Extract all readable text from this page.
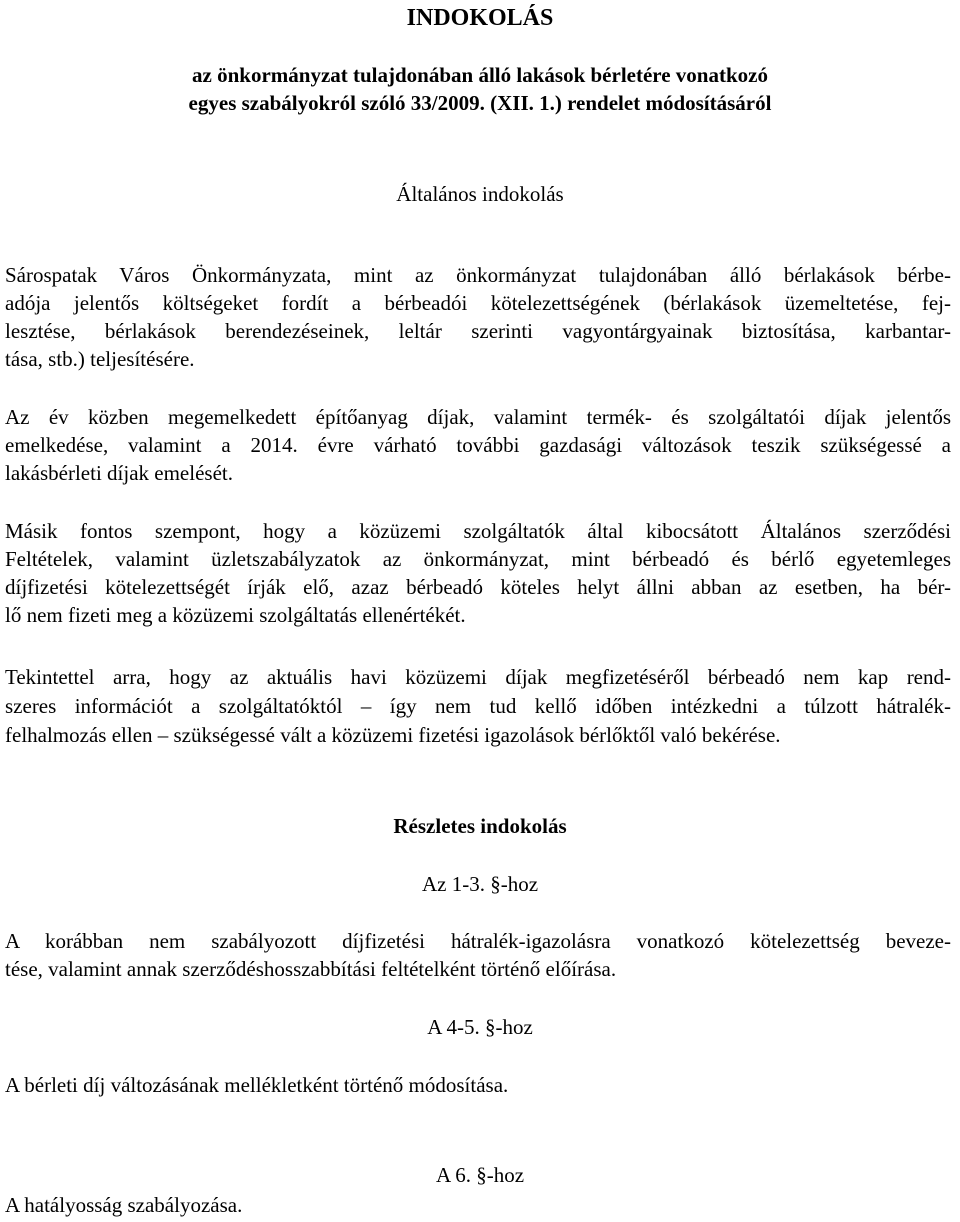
INDOKOLÁS
az önkormányzat tulajdonában álló lakások bérletére vonatkozó
egyes szabályokról szóló 33/2009. (XII. 1.) rendelet módosításáról
Általános indokolás
Sárospatak Város Önkormányzata, mint az önkormányzat tulajdonában álló bérlakások bérbe-
adója jelentős költségeket fordít a bérbeadói kötelezettségének (bérlakások üzemeltetése, fej-
lesztése, bérlakások berendezéseinek, leltár szerinti vagyontárgyainak biztosítása, karbantar-
tása, stb.) teljesítésére.
Az év közben megemelkedett építőanyag díjak, valamint termék- és szolgáltatói díjak jelentős
emelkedése, valamint a 2014. évre várható további gazdasági változások teszik szükségessé a
lakásbérleti díjak emelését.
Másik fontos szempont, hogy a közüzemi szolgáltatók által kibocsátott Általános szerződési
Feltételek, valamint üzletszabályzatok az önkormányzat, mint bérbeadó és bérlő egyetemleges
díjfizetési kötelezettségét írják elő, azaz bérbeadó köteles helyt állni abban az esetben, ha bér-
lő nem fizeti meg a közüzemi szolgáltatás ellenértékét.
Tekintettel arra, hogy az aktuális havi közüzemi díjak megfizetéséről bérbeadó nem kap rend-
szeres információt a szolgáltatóktól – így nem tud kellő időben intézkedni a túlzott hátralék-
felhalmozás ellen – szükségessé vált a közüzemi fizetési igazolások bérlőktől való bekérése.
Részletes indokolás
Az 1-3. §-hoz
A korábban nem szabályozott díjfizetési hátralék-igazolásra vonatkozó kötelezettség beveze-
tése, valamint annak szerződéshosszabbítási feltételként történő előírása.
A 4-5. §-hoz
A bérleti díj változásának mellékletként történő módosítása.
A 6. §-hoz
A hatályosság szabályozása.
